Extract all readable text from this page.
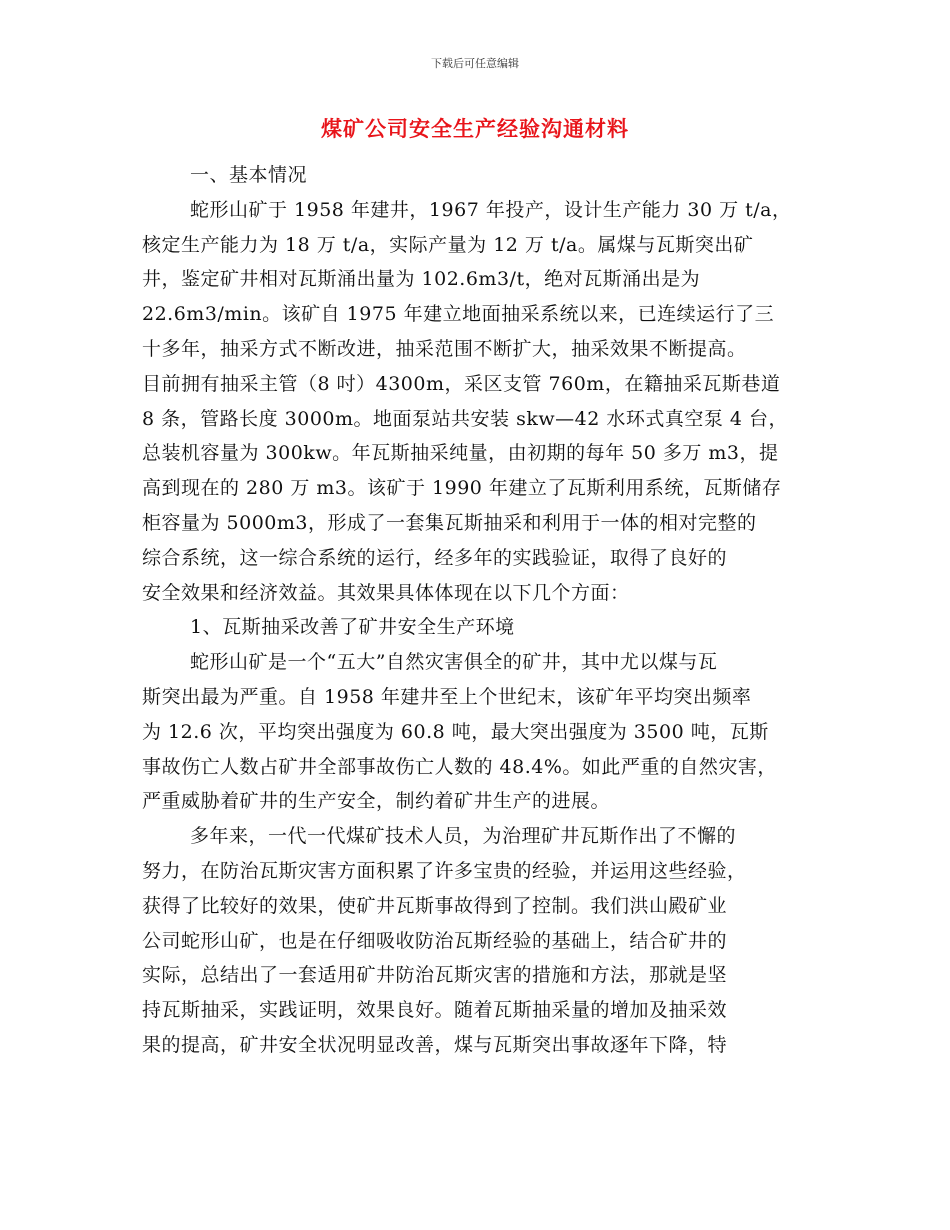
下载后可任意编辑
煤矿公司安全生产经验沟通材料
一、基本情况
蛇形山矿于 1958 年建井，1967 年投产，设计生产能力 30 万 t/a，
核定生产能力为 18 万 t/a，实际产量为 12 万 t/a。属煤与瓦斯突出矿
井，鉴定矿井相对瓦斯涌出量为 102.6m3/t，绝对瓦斯涌出是为
22.6m3/min。该矿自 1975 年建立地面抽采系统以来，已连续运行了三
十多年，抽采方式不断改进，抽采范围不断扩大，抽采效果不断提高。
目前拥有抽采主管（8 吋）4300m，采区支管 760m，在籍抽采瓦斯巷道
8 条，管路长度 3000m。地面泵站共安装 skw—42 水环式真空泵 4 台，
总装机容量为 300kw。年瓦斯抽采纯量，由初期的每年 50 多万 m3，提
高到现在的 280 万 m3。该矿于 1990 年建立了瓦斯利用系统，瓦斯储存
柜容量为 5000m3，形成了一套集瓦斯抽采和利用于一体的相对完整的
综合系统，这一综合系统的运行，经多年的实践验证，取得了良好的
安全效果和经济效益。其效果具体体现在以下几个方面：
1、瓦斯抽采改善了矿井安全生产环境
蛇形山矿是一个“五大”自然灾害俱全的矿井，其中尤以煤与瓦
斯突出最为严重。自 1958 年建井至上个世纪末，该矿年平均突出频率
为 12.6 次，平均突出强度为 60.8 吨，最大突出强度为 3500 吨，瓦斯
事故伤亡人数占矿井全部事故伤亡人数的 48.4%。如此严重的自然灾害，
严重威胁着矿井的生产安全，制约着矿井生产的进展。
多年来，一代一代煤矿技术人员，为治理矿井瓦斯作出了不懈的
努力，在防治瓦斯灾害方面积累了许多宝贵的经验，并运用这些经验，
获得了比较好的效果，使矿井瓦斯事故得到了控制。我们洪山殿矿业
公司蛇形山矿，也是在仔细吸收防治瓦斯经验的基础上，结合矿井的
实际，总结出了一套适用矿井防治瓦斯灾害的措施和方法，那就是坚
持瓦斯抽采，实践证明，效果良好。随着瓦斯抽采量的增加及抽采效
果的提高，矿井安全状况明显改善，煤与瓦斯突出事故逐年下降，特
